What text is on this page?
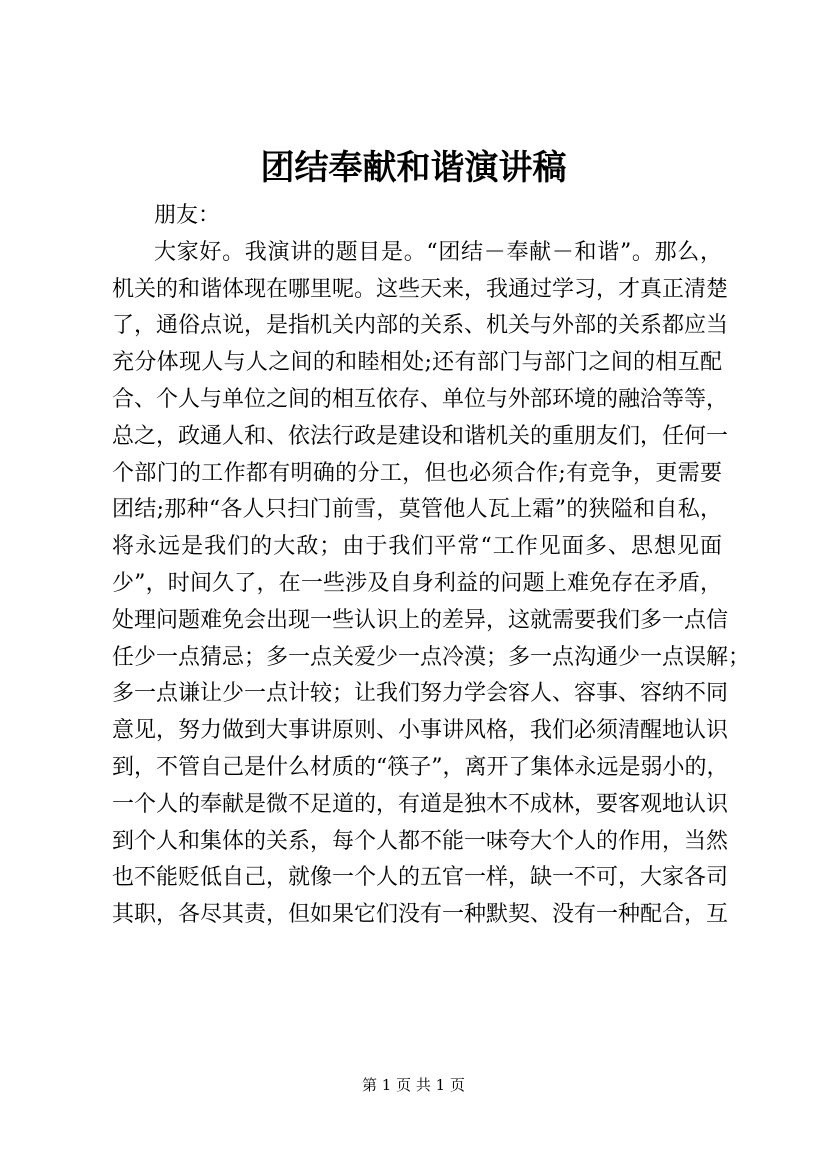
团结奉献和谐演讲稿
朋友：
大家好。我演讲的题目是。“团结－奉献－和谐”。那么，
机关的和谐体现在哪里呢。这些天来，我通过学习，才真正清楚
了，通俗点说，是指机关内部的关系、机关与外部的关系都应当
充分体现人与人之间的和睦相处;还有部门与部门之间的相互配
合、个人与单位之间的相互依存、单位与外部环境的融洽等等，
总之，政通人和、依法行政是建设和谐机关的重朋友们，任何一
个部门的工作都有明确的分工，但也必须合作;有竞争，更需要
团结;那种“各人只扫门前雪，莫管他人瓦上霜”的狭隘和自私，
将永远是我们的大敌；由于我们平常“工作见面多、思想见面
少”，时间久了，在一些涉及自身利益的问题上难免存在矛盾，
处理问题难免会出现一些认识上的差异，这就需要我们多一点信
任少一点猜忌；多一点关爱少一点冷漠；多一点沟通少一点误解；
多一点谦让少一点计较；让我们努力学会容人、容事、容纳不同
意见，努力做到大事讲原则、小事讲风格，我们必须清醒地认识
到，不管自己是什么材质的“筷子”，离开了集体永远是弱小的，
一个人的奉献是微不足道的，有道是独木不成林，要客观地认识
到个人和集体的关系，每个人都不能一味夸大个人的作用，当然
也不能贬低自己，就像一个人的五官一样，缺一不可，大家各司
其职，各尽其责，但如果它们没有一种默契、没有一种配合，互
第 1 页 共 1 页
